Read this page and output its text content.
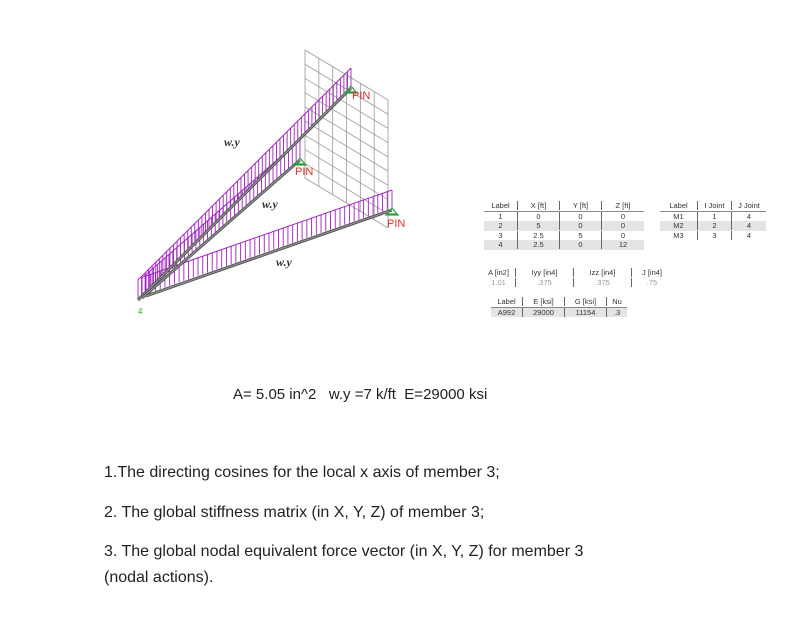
w.y
w.y
w.y
PIN
PIN
PIN
4
Label	X [ft]	Y [ft]	Z [ft]
1	0	0	0
2	5	0	0
3	2.5	5	0
4	2.5	0	12
Label	I Joint	J Joint
M1	1	4
M2	2	4
M3	3	4
A [in2]	Iyy [in4]	Izz [in4]	J [in4]
1.01	.375	.375	.75
Label	E [ksi]	G [ksi]	Nu
A992	29000	11154	.3
A= 5.05 in^2   w.y =7 k/ft  E=29000 ksi
1.The directing cosines for the local x axis of member 3;
2. The global stiffness matrix (in X, Y, Z) of member 3;
3. The global nodal equivalent force vector (in X, Y, Z) for member 3
(nodal actions).
